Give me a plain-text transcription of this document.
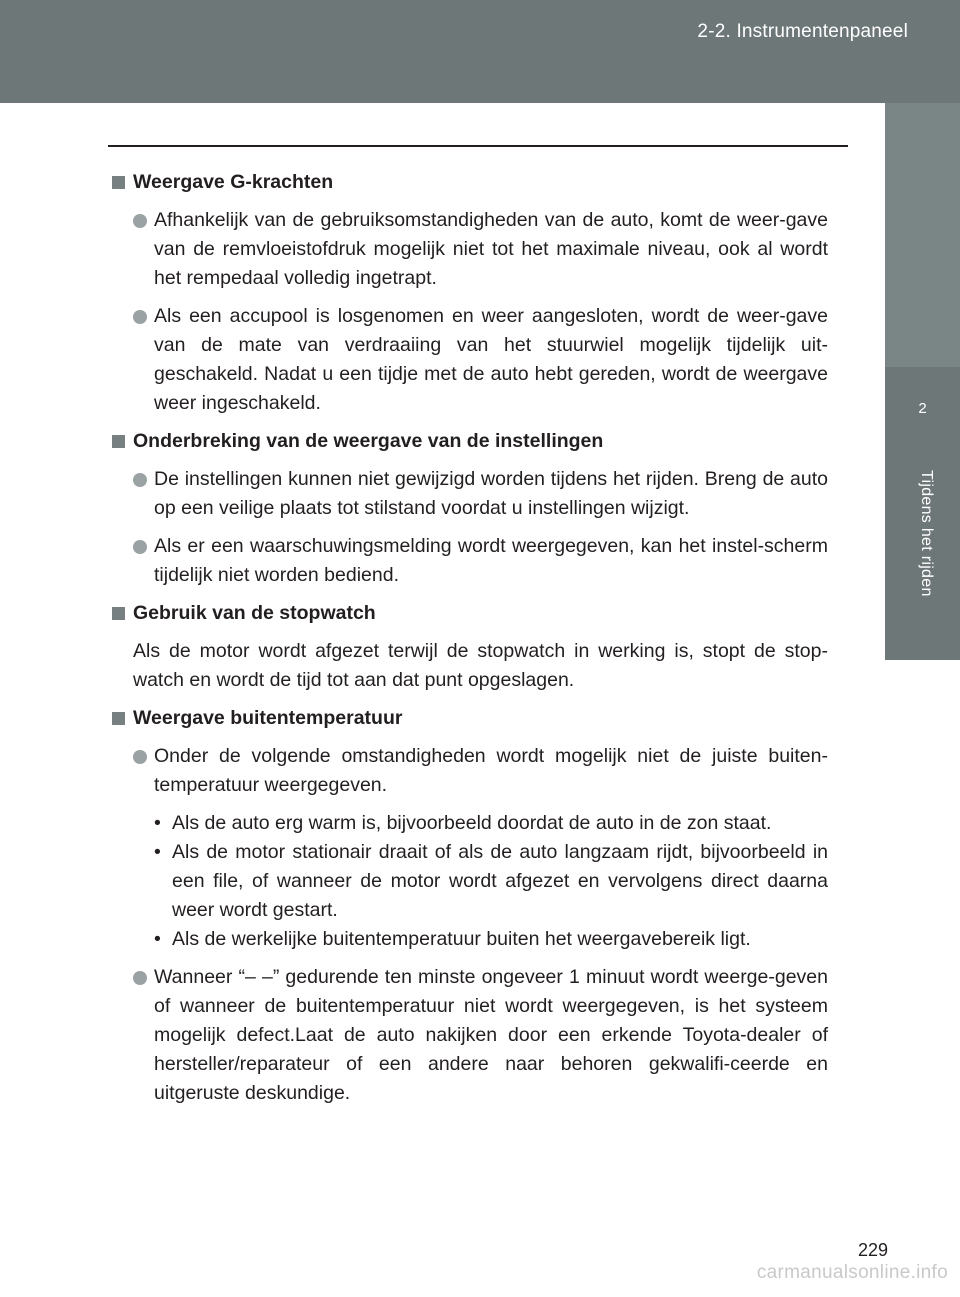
2-2. Instrumentenpaneel
2
Tijdens het rijden
Weergave G-krachten
Afhankelijk van de gebruiksomstandigheden van de auto, komt de weer-gave van de remvloeistofdruk mogelijk niet tot het maximale niveau, ook al wordt het rempedaal volledig ingetrapt.
Als een accupool is losgenomen en weer aangesloten, wordt de weer-gave van de mate van verdraaiing van het stuurwiel mogelijk tijdelijk uit-geschakeld. Nadat u een tijdje met de auto hebt gereden, wordt de weergave weer ingeschakeld.
Onderbreking van de weergave van de instellingen
De instellingen kunnen niet gewijzigd worden tijdens het rijden. Breng de auto op een veilige plaats tot stilstand voordat u instellingen wijzigt.
Als er een waarschuwingsmelding wordt weergegeven, kan het instel-scherm tijdelijk niet worden bediend.
Gebruik van de stopwatch
Als de motor wordt afgezet terwijl de stopwatch in werking is, stopt de stop-watch en wordt de tijd tot aan dat punt opgeslagen.
Weergave buitentemperatuur
Onder de volgende omstandigheden wordt mogelijk niet de juiste buiten-temperatuur weergegeven.
• Als de auto erg warm is, bijvoorbeeld doordat de auto in de zon staat.
• Als de motor stationair draait of als de auto langzaam rijdt, bijvoorbeeld in een file, of wanneer de motor wordt afgezet en vervolgens direct daarna weer wordt gestart.
• Als de werkelijke buitentemperatuur buiten het weergavebereik ligt.
Wanneer “– –” gedurende ten minste ongeveer 1 minuut wordt weerge-geven of wanneer de buitentemperatuur niet wordt weergegeven, is het systeem mogelijk defect.Laat de auto nakijken door een erkende Toyota-dealer of hersteller/reparateur of een andere naar behoren gekwalifi-ceerde en uitgeruste deskundige.
229
carmanualsonline.info
